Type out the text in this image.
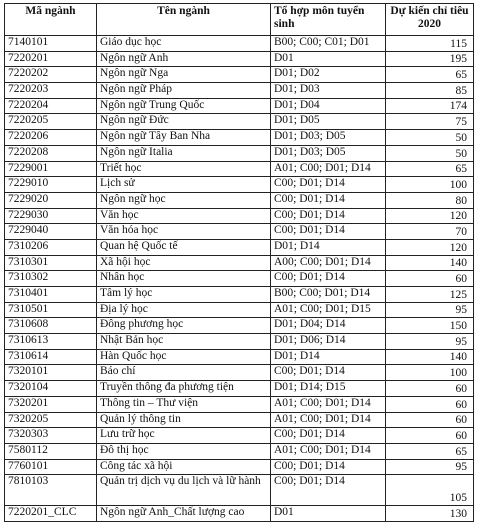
Mã ngành	Tên ngành	Tổ hợp môn tuyển sinh	Dự kiến chỉ tiêu 2020
7140101	Giáo dục học	B00; C00; C01; D01	115
7220201	Ngôn ngữ Anh	D01	195
7220202	Ngôn ngữ Nga	D01; D02	65
7220203	Ngôn ngữ Pháp	D01; D03	85
7220204	Ngôn ngữ Trung Quốc	D01; D04	174
7220205	Ngôn ngữ Đức	D01; D05	75
7220206	Ngôn ngữ Tây Ban Nha	D01; D03; D05	50
7220208	Ngôn ngữ Italia	D01; D03; D05	50
7229001	Triết học	A01; C00; D01; D14	65
7229010	Lịch sử	C00; D01; D14	100
7229020	Ngôn ngữ học	C00; D01; D14	80
7229030	Văn học	C00; D01; D14	120
7229040	Văn hóa học	C00; D01; D14	70
7310206	Quan hệ Quốc tế	D01; D14	120
7310301	Xã hội học	A00; C00; D01; D14	140
7310302	Nhân học	C00; D01; D14	60
7310401	Tâm lý học	B00; C00; D01; D14	125
7310501	Địa lý học	A01; C00; D01; D15	95
7310608	Đông phương học	D01; D04; D14	150
7310613	Nhật Bản học	D01; D06; D14	95
7310614	Hàn Quốc học	D01; D14	140
7320101	Báo chí	C00; D01; D14	100
7320104	Truyền thông đa phương tiện	D01; D14; D15	60
7320201	Thông tin – Thư viện	A01; C00; D01; D14	60
7320205	Quản lý thông tin	A01; C00; D01; D14	60
7320303	Lưu trữ học	C00; D01; D14	60
7580112	Đô thị học	A01; C00; D01; D14	65
7760101	Công tác xã hội	C00; D01; D14	95
7810103	Quản trị dịch vụ du lịch và lữ hành	C00; D01; D14	105
7220201_CLC	Ngôn ngữ Anh_Chất lượng cao	D01	130
